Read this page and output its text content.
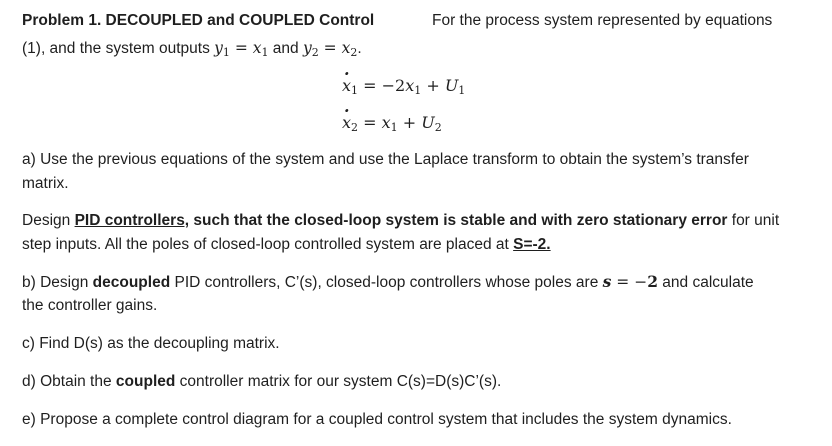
Problem 1. DECOUPLED and COUPLED Control	For the process system represented by equations
(1), and the system outputs $y_1 = x_1$ and $y_2 = x_2$.
· $x_1 = -2x_1 + U_1$
· $x_2 = x_1 + U_2$
a) Use the previous equations of the system and use the Laplace transform to obtain the system’s transfer
matrix.
Design PID controllers, such that the closed-loop system is stable and with zero stationary error for unit
step inputs. All the poles of closed-loop controlled system are placed at S=-2.
b) Design decoupled PID controllers, C’(s), closed-loop controllers whose poles are s = −2 and calculate
the controller gains.
c) Find D(s) as the decoupling matrix.
d) Obtain the coupled controller matrix for our system C(s)=D(s)C’(s).
e) Propose a complete control diagram for a coupled control system that includes the system dynamics.
